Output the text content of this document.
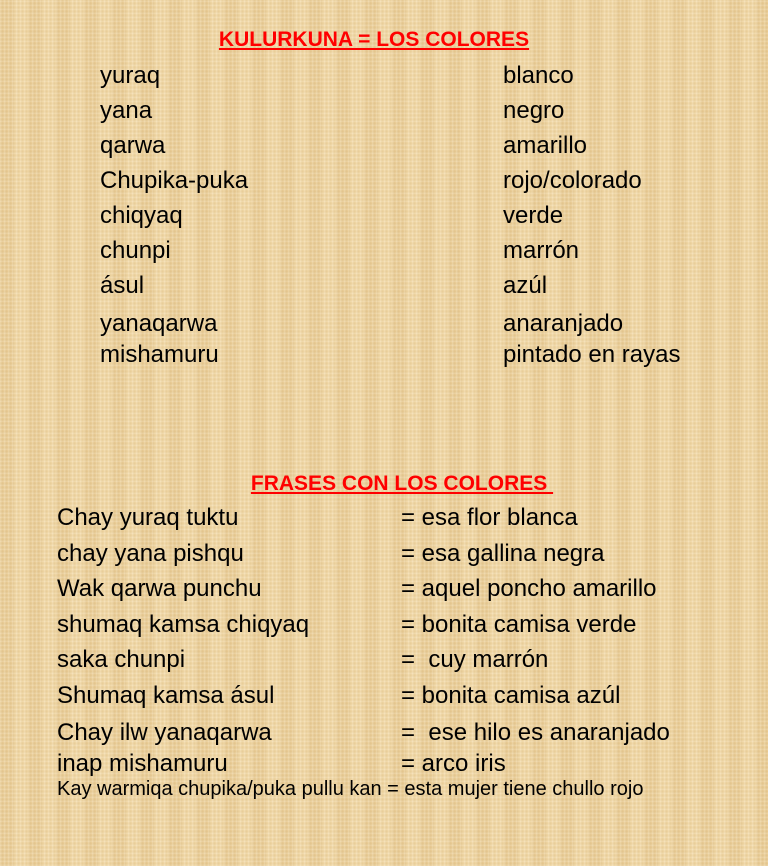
KULURKUNA = LOS COLORES
yuraq	blanco
yana	negro
qarwa	amarillo
Chupika-puka	rojo/colorado
chiqyaq	verde
chunpi	marrón
ásul	azúl
yanaqarwa	anaranjado
mishamuru	pintado en rayas
FRASES CON LOS COLORES
Chay yuraq tuktu	= esa flor blanca
chay yana pishqu	= esa gallina negra
Wak qarwa punchu	= aquel poncho amarillo
shumaq kamsa chiqyaq	= bonita camisa verde
saka chunpi	=  cuy marrón
Shumaq kamsa ásul	= bonita camisa azúl
Chay ilw yanaqarwa	=  ese hilo es anaranjado
inap mishamuru	= arco iris
Kay warmiqa chupika/puka pullu kan = esta mujer tiene chullo rojo
